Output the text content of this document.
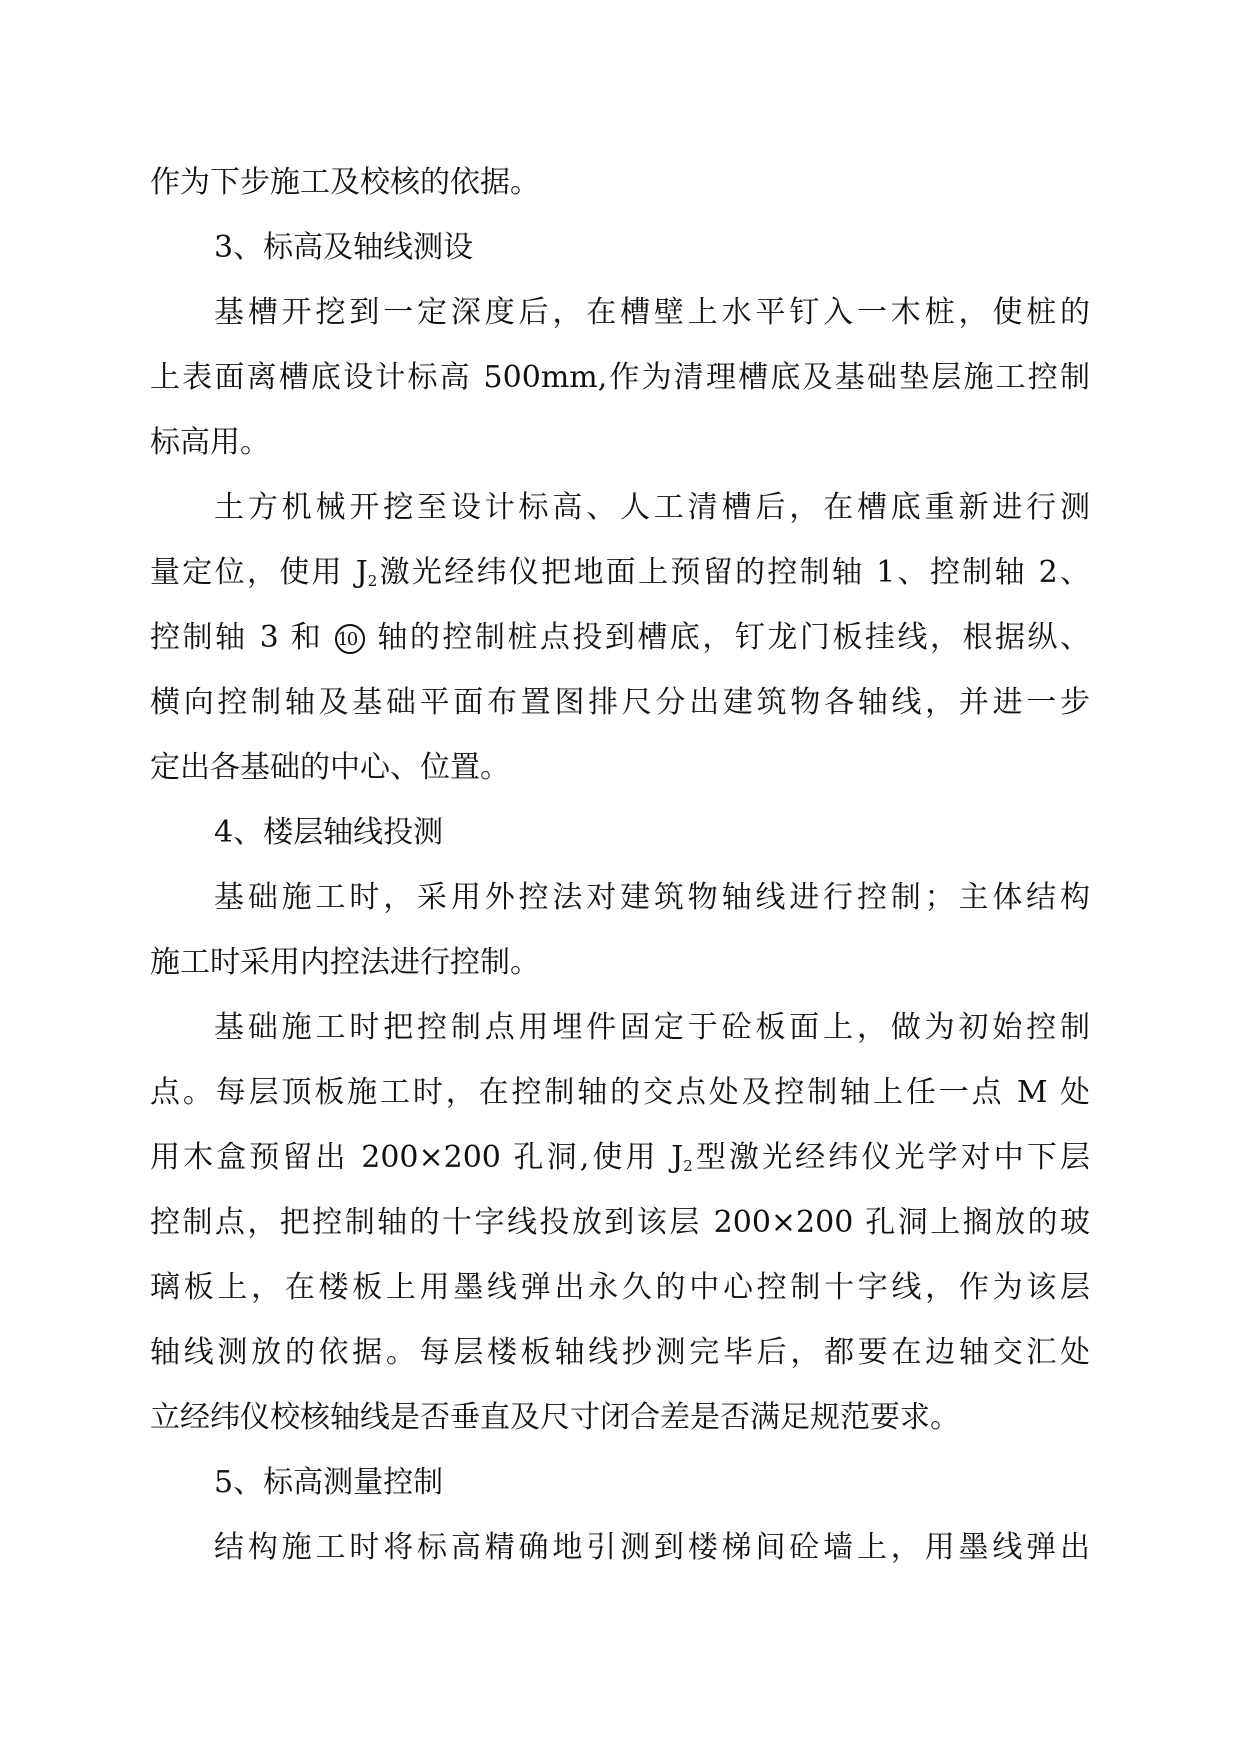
作为下步施工及校核的依据。
3、标高及轴线测设
基槽开挖到一定深度后，在槽壁上水平钉入一木桩，使桩的
上表面离槽底设计标高 500mm,作为清理槽底及基础垫层施工控制
标高用。
土方机械开挖至设计标高、人工清槽后，在槽底重新进行测
量定位，使用 $J_2$激光经纬仪把地面上预留的控制轴 1、控制轴 2、
控制轴 3 和 10 轴的控制桩点投到槽底，钉龙门板挂线，根据纵、
横向控制轴及基础平面布置图排尺分出建筑物各轴线，并进一步
定出各基础的中心、位置。
4、楼层轴线投测
基础施工时，采用外控法对建筑物轴线进行控制；主体结构
施工时采用内控法进行控制。
基础施工时把控制点用埋件固定于砼板面上，做为初始控制
点。每层顶板施工时，在控制轴的交点处及控制轴上任一点 M 处
用木盒预留出 200×200 孔洞,使用 $J_2$型激光经纬仪光学对中下层
控制点，把控制轴的十字线投放到该层 200×200 孔洞上搁放的玻
璃板上，在楼板上用墨线弹出永久的中心控制十字线，作为该层
轴线测放的依据。每层楼板轴线抄测完毕后，都要在边轴交汇处
立经纬仪校核轴线是否垂直及尺寸闭合差是否满足规范要求。
5、标高测量控制
结构施工时将标高精确地引测到楼梯间砼墙上，用墨线弹出
